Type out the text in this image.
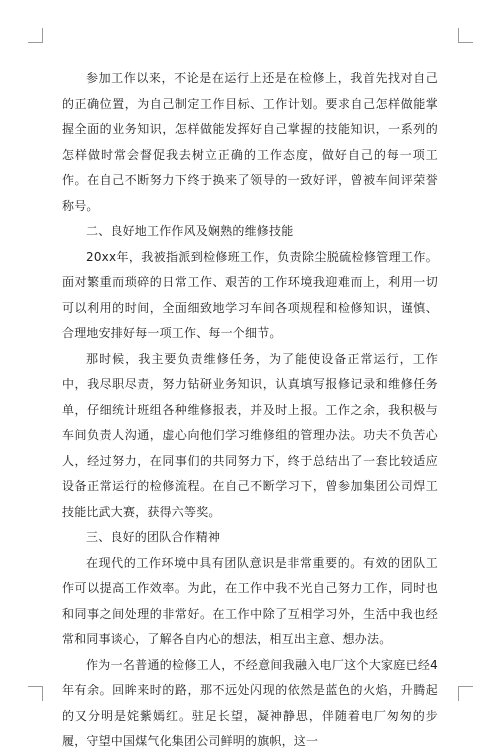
参加工作以来，不论是在运行上还是在检修上，我首先找对自己的正确位置，为自己制定工作目标、工作计划。要求自己怎样做能掌握全面的业务知识，怎样做能发挥好自己掌握的技能知识，一系列的怎样做时常会督促我去树立正确的工作态度，做好自己的每一项工作。在自己不断努力下终于换来了领导的一致好评，曾被车间评荣誉称号。

二、良好地工作作风及娴熟的维修技能

20xx年，我被指派到检修班工作，负责除尘脱硫检修管理工作。面对繁重而琐碎的日常工作、艰苦的工作环境我迎难而上，利用一切可以利用的时间，全面细致地学习车间各项规程和检修知识，谨慎、合理地安排好每一项工作、每一个细节。

那时候，我主要负责维修任务，为了能使设备正常运行，工作中，我尽职尽责，努力钻研业务知识，认真填写报修记录和维修任务单，仔细统计班组各种维修报表，并及时上报。工作之余，我积极与车间负责人沟通，虚心向他们学习维修组的管理办法。功夫不负苦心人，经过努力，在同事们的共同努力下，终于总结出了一套比较适应设备正常运行的检修流程。在自己不断学习下，曾参加集团公司焊工技能比武大赛，获得六等奖。

三、良好的团队合作精神

在现代的工作环境中具有团队意识是非常重要的。有效的团队工作可以提高工作效率。为此，在工作中我不光自己努力工作，同时也和同事之间处理的非常好。在工作中除了互相学习外，生活中我也经常和同事谈心，了解各自内心的想法，相互出主意、想办法。

作为一名普通的检修工人，不经意间我融入电厂这个大家庭已经4年有余。回眸来时的路，那不远处闪现的依然是蓝色的火焰，升腾起的又分明是姹紫嫣红。驻足长望，凝神静思，伴随着电厂匆匆的步履，守望中国煤气化集团公司鲜明的旗帜，这一
